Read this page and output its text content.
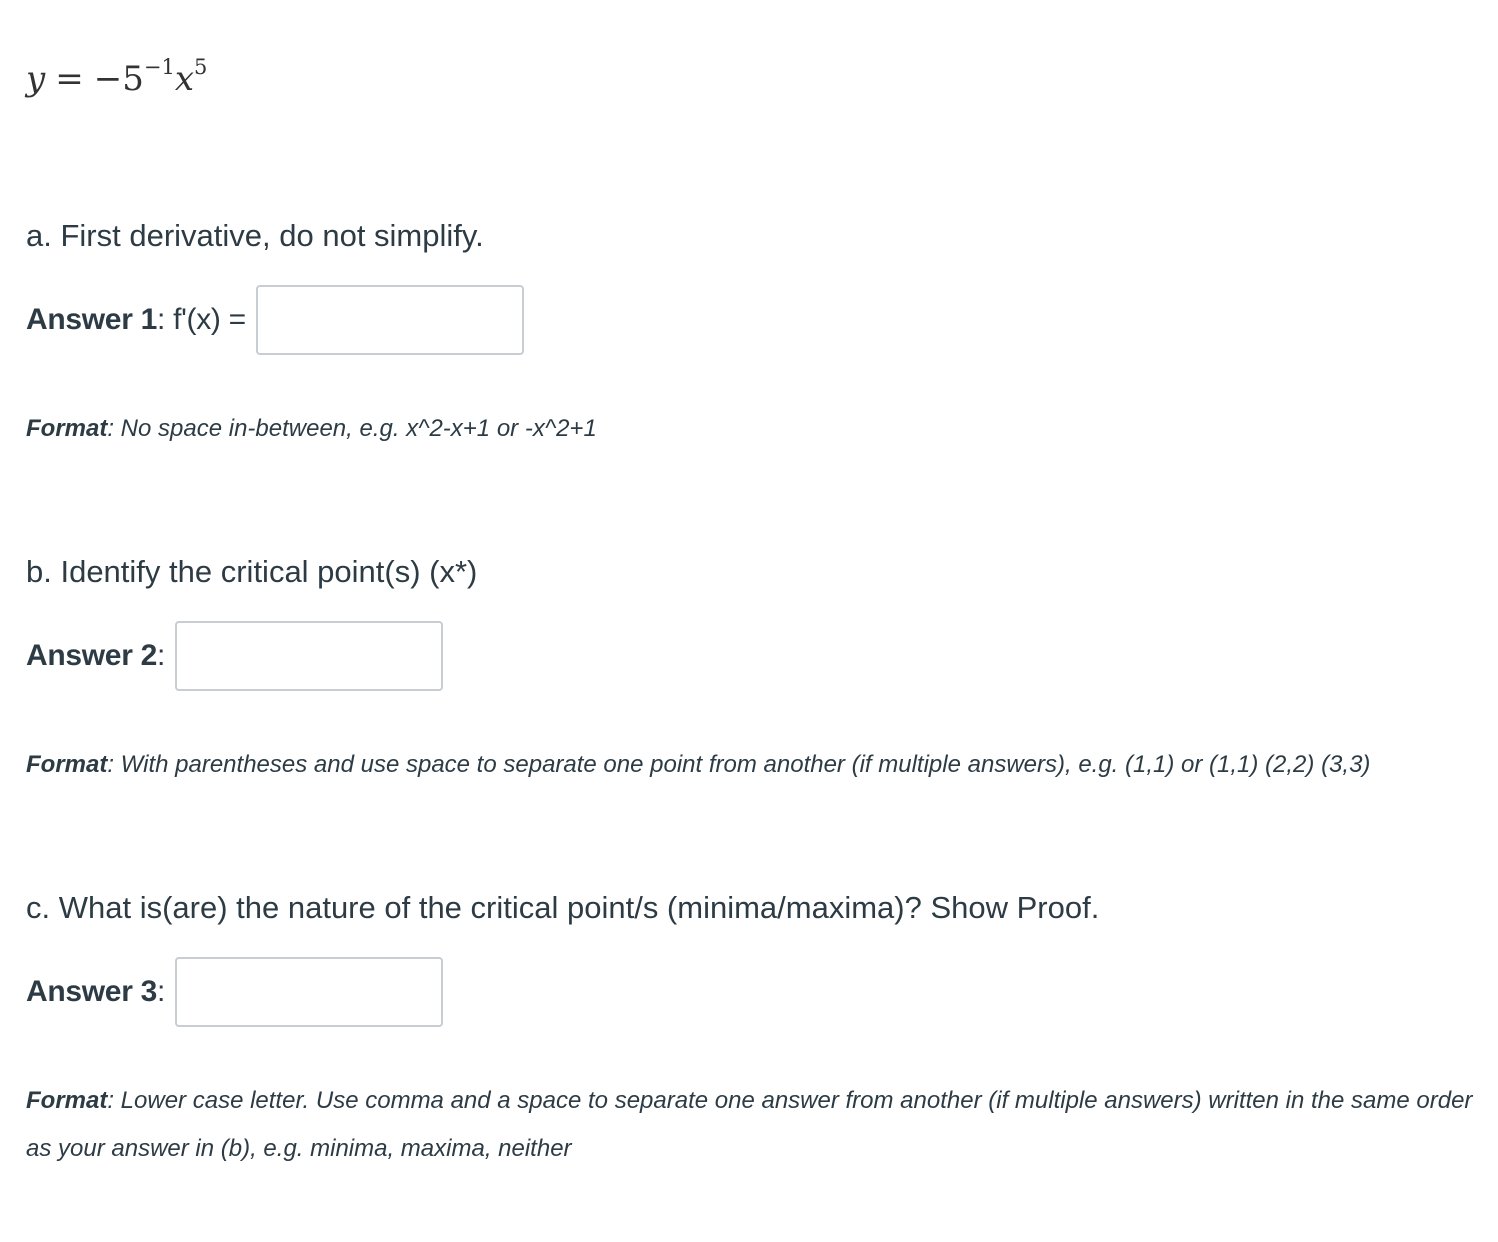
$y = -5^{-1}x^5$
a. First derivative, do not simplify.
Answer 1: f'(x) =
Format: No space in-between, e.g. x^2-x+1 or -x^2+1
b. Identify the critical point(s) (x*)
Answer 2:
Format: With parentheses and use space to separate one point from another (if multiple answers), e.g. (1,1) or (1,1) (2,2) (3,3)
c. What is(are) the nature of the critical point/s (minima/maxima)? Show Proof.
Answer 3:
Format: Lower case letter. Use comma and a space to separate one answer from another (if multiple answers) written in the same order as your answer in (b), e.g. minima, maxima, neither
